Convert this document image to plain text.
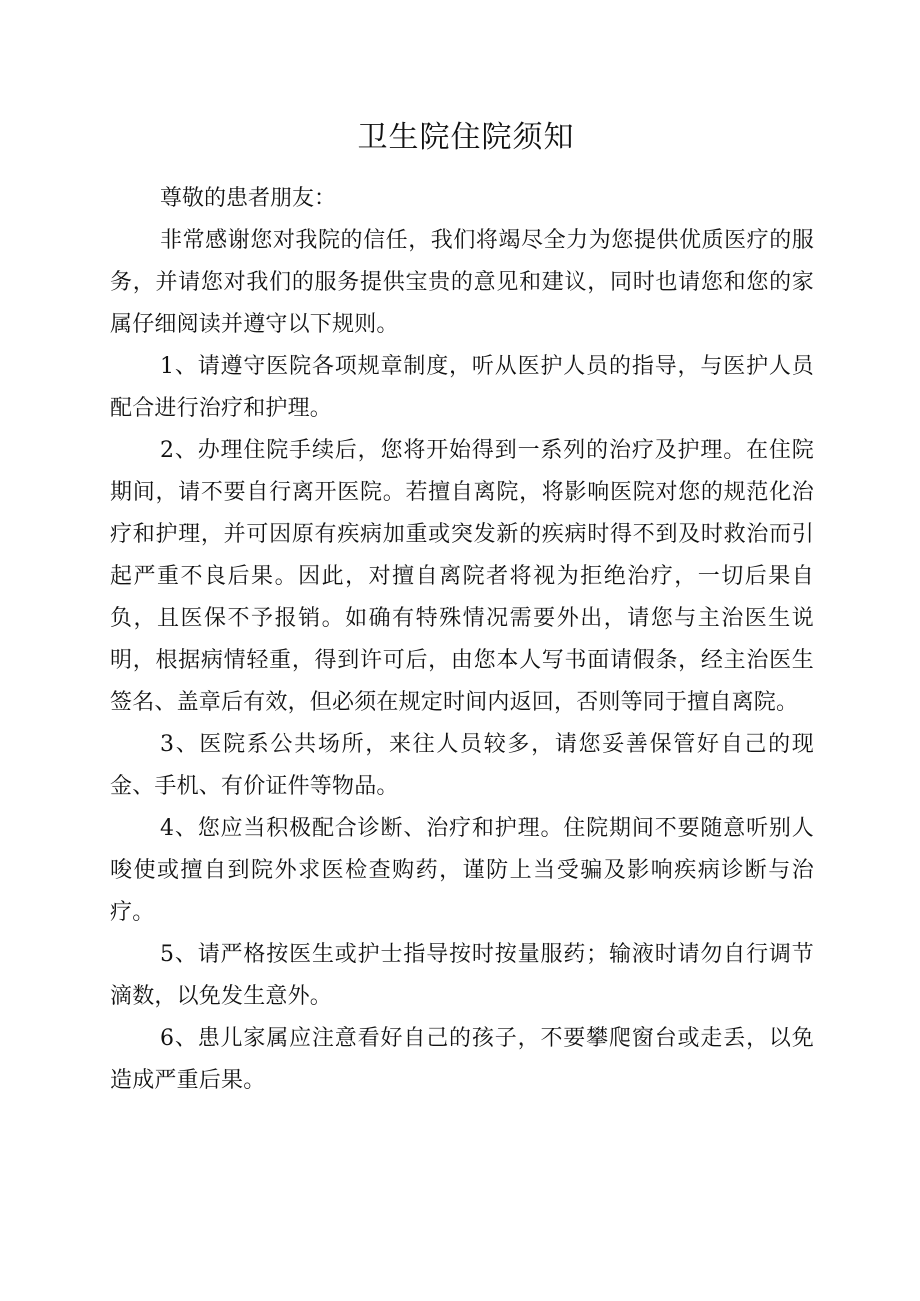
卫生院住院须知

尊敬的患者朋友：

非常感谢您对我院的信任，我们将竭尽全力为您提供优质医疗的服务，并请您对我们的服务提供宝贵的意见和建议，同时也请您和您的家属仔细阅读并遵守以下规则。

1、请遵守医院各项规章制度，听从医护人员的指导，与医护人员配合进行治疗和护理。

2、办理住院手续后，您将开始得到一系列的治疗及护理。在住院期间，请不要自行离开医院。若擅自离院，将影响医院对您的规范化治疗和护理，并可因原有疾病加重或突发新的疾病时得不到及时救治而引起严重不良后果。因此，对擅自离院者将视为拒绝治疗，一切后果自负，且医保不予报销。如确有特殊情况需要外出，请您与主治医生说明，根据病情轻重，得到许可后，由您本人写书面请假条，经主治医生签名、盖章后有效，但必须在规定时间内返回，否则等同于擅自离院。

3、医院系公共场所，来往人员较多，请您妥善保管好自己的现金、手机、有价证件等物品。

4、您应当积极配合诊断、治疗和护理。住院期间不要随意听别人唆使或擅自到院外求医检查购药，谨防上当受骗及影响疾病诊断与治疗。

5、请严格按医生或护士指导按时按量服药；输液时请勿自行调节滴数，以免发生意外。

6、患儿家属应注意看好自己的孩子，不要攀爬窗台或走丢，以免造成严重后果。
